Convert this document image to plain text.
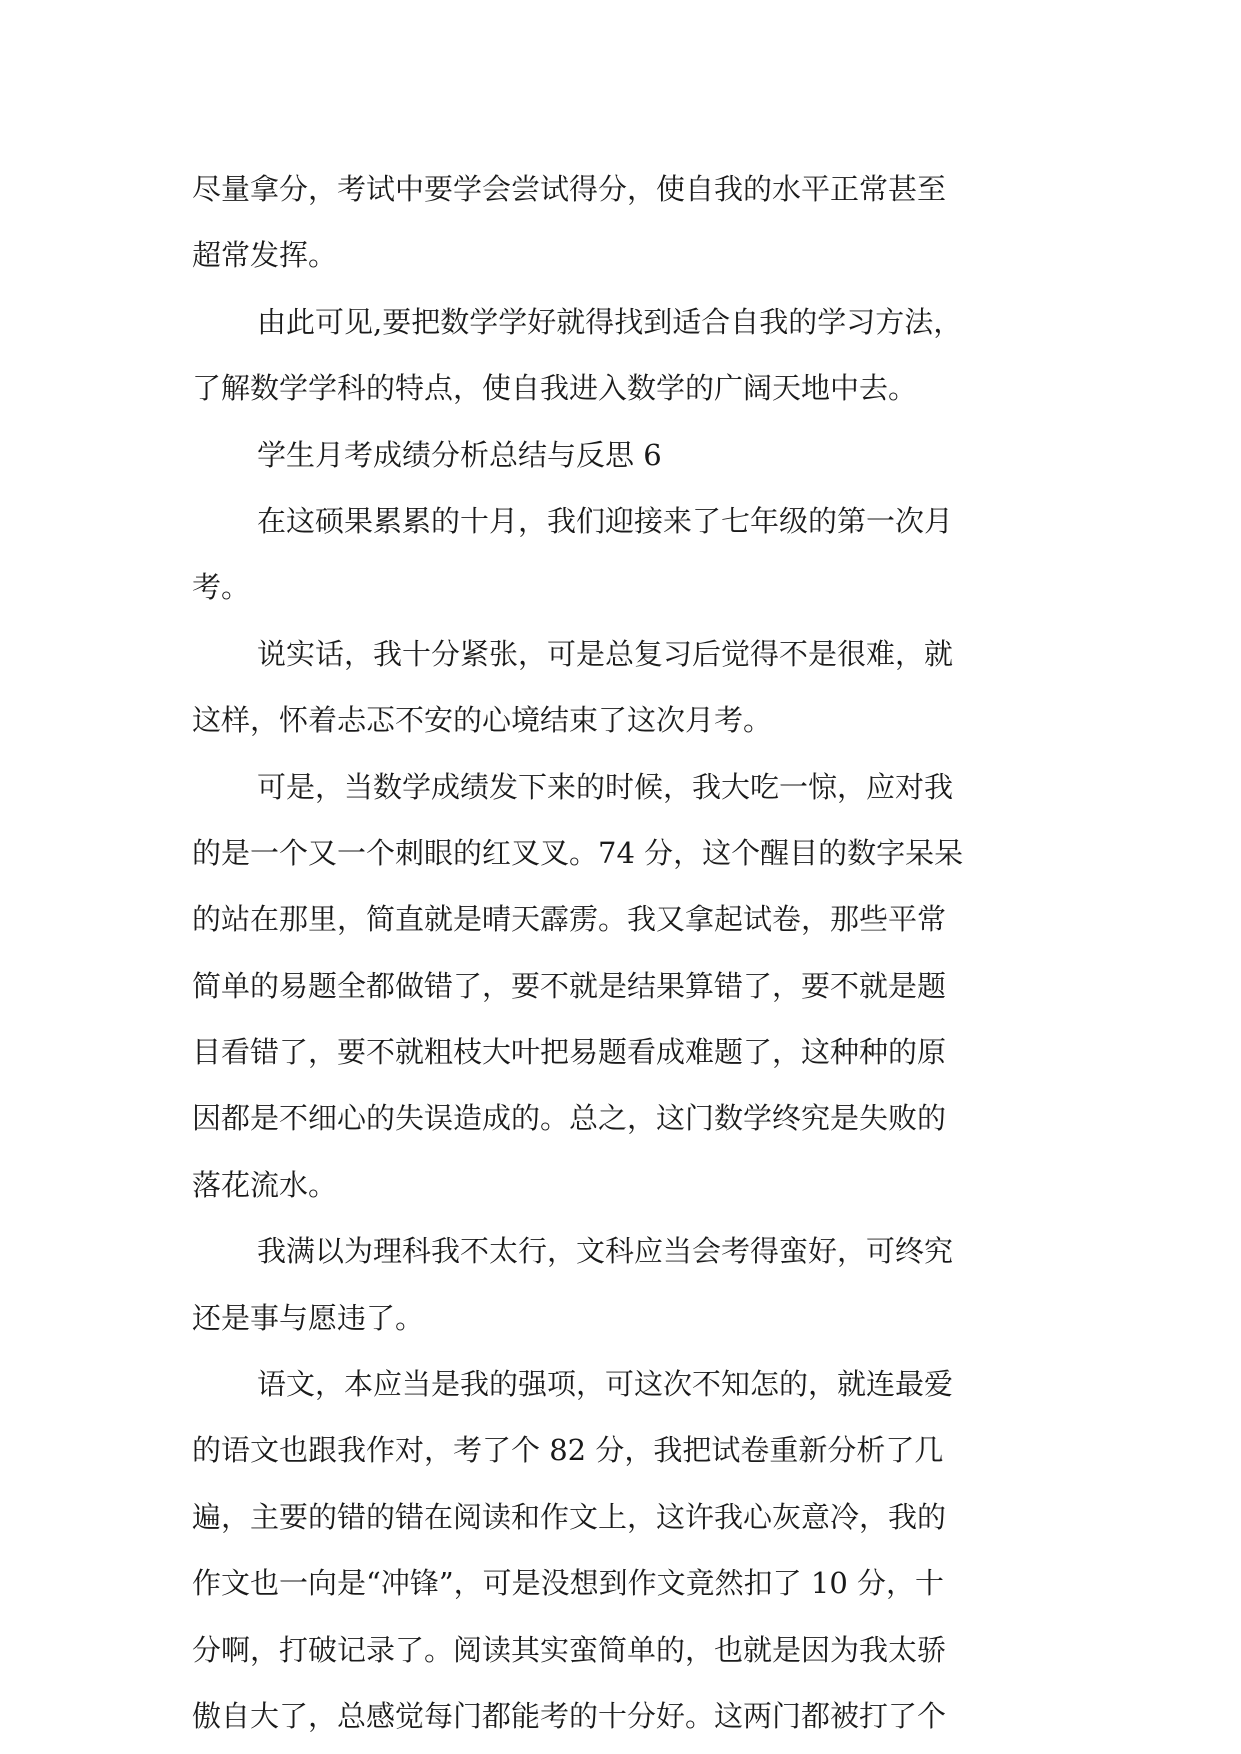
尽量拿分，考试中要学会尝试得分，使自我的水平正常甚至
超常发挥。
由此可见,要把数学学好就得找到适合自我的学习方法，
了解数学学科的特点，使自我进入数学的广阔天地中去。
学生月考成绩分析总结与反思 6
在这硕果累累的十月，我们迎接来了七年级的第一次月
考。
说实话，我十分紧张，可是总复习后觉得不是很难，就
这样，怀着忐忑不安的心境结束了这次月考。
可是，当数学成绩发下来的时候，我大吃一惊，应对我
的是一个又一个刺眼的红叉叉。74 分，这个醒目的数字呆呆
的站在那里，简直就是晴天霹雳。我又拿起试卷，那些平常
简单的易题全都做错了，要不就是结果算错了，要不就是题
目看错了，要不就粗枝大叶把易题看成难题了，这种种的原
因都是不细心的失误造成的。总之，这门数学终究是失败的
落花流水。
我满以为理科我不太行，文科应当会考得蛮好，可终究
还是事与愿违了。
语文，本应当是我的强项，可这次不知怎的，就连最爱
的语文也跟我作对，考了个 82 分，我把试卷重新分析了几
遍，主要的错的错在阅读和作文上，这许我心灰意冷，我的
作文也一向是“冲锋”，可是没想到作文竟然扣了 10 分，十
分啊，打破记录了。阅读其实蛮简单的，也就是因为我太骄
傲自大了，总感觉每门都能考的十分好。这两门都被打了个
